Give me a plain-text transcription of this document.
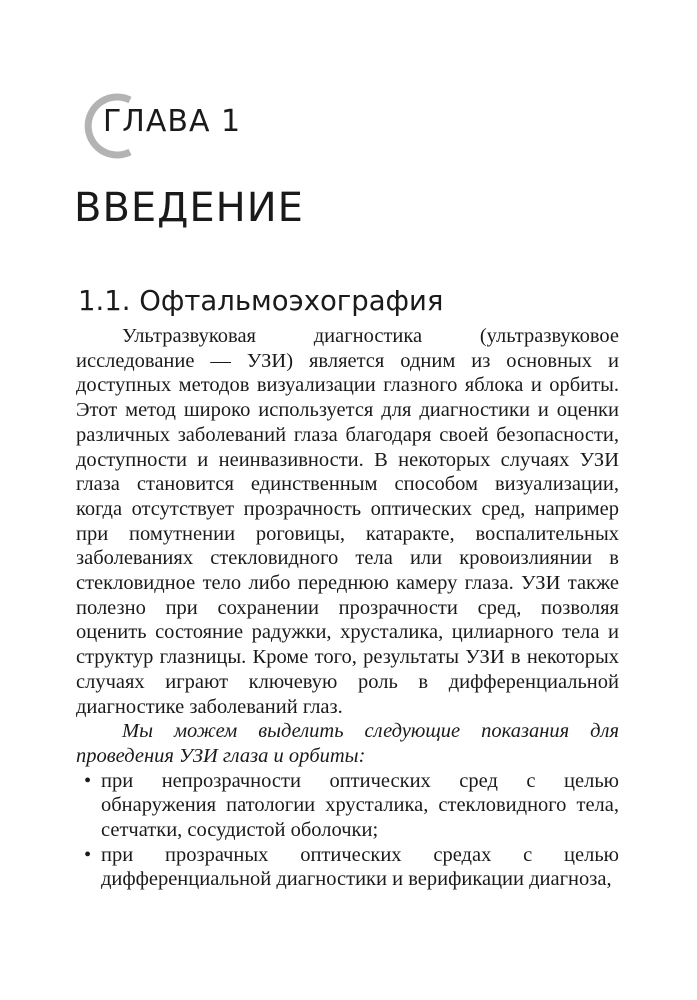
ГЛАВА 1
ВВЕДЕНИЕ
1.1. Офтальмоэхография

Ультразвуковая диагностика (ультразвуковое исследование — УЗИ) является одним из основных и доступных методов визуализации глазного яблока и орбиты. Этот метод широко используется для диагностики и оценки различных заболеваний глаза благодаря своей безопасности, доступности и неинвазивности. В некоторых случаях УЗИ глаза становится единственным способом визуализации, когда отсутствует прозрачность оптических сред, например при помутнении роговицы, катаракте, воспалительных заболеваниях стекловидного тела или кровоизлиянии в стекловидное тело либо переднюю камеру глаза. УЗИ также полезно при сохранении прозрачности сред, позволяя оценить состояние радужки, хрусталика, цилиарного тела и структур глазницы. Кроме того, результаты УЗИ в некоторых случаях играют ключевую роль в дифференциальной диагностике заболеваний глаз.

Мы можем выделить следующие показания для проведения УЗИ глаза и орбиты:

• при непрозрачности оптических сред с целью обнаружения патологии хрусталика, стекловидного тела, сетчатки, сосудистой оболочки;
• при прозрачных оптических средах с целью дифференциальной диагностики и верификации диагноза,
